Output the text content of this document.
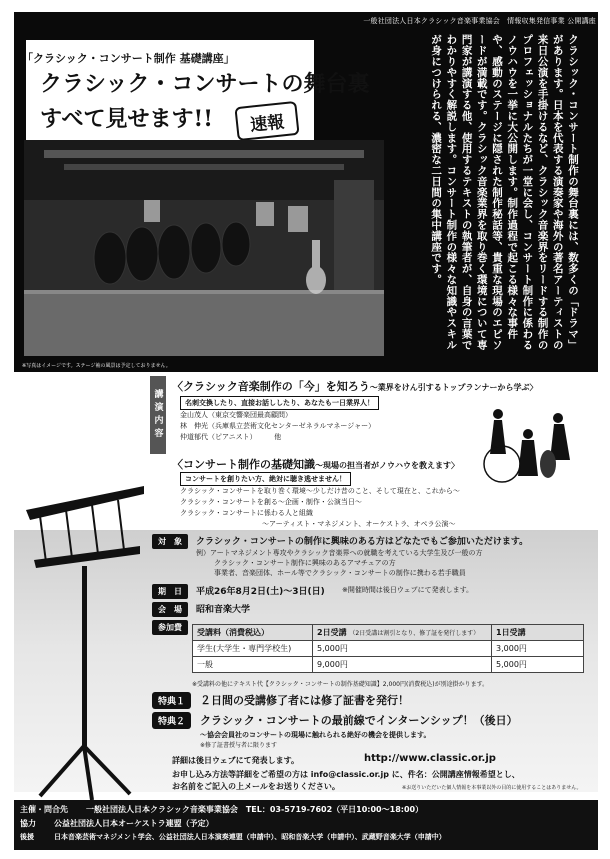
一般社団法人日本クラシック音楽事業協会　情報収集発信事業 公開講座
「クラシック・コンサート制作 基礎講座」
クラシック・コンサートの舞台裏
すべて見せます!!	速報
※写真はイメージです。ステージ袖の風景は予定しておりません。
クラシック・コンサート制作の舞台裏には、数多くの「ドラマ」があります。日本を代表する演奏家や海外の著名アーティストの来日公演を手掛けるなど、クラシック音楽界をリードする制作のプロフェッショナルたちが一堂に会し、コンサート制作に係わるノウハウを一挙に大公開します。制作過程で起こる様々な事件や、感動のステージに隠された制作秘話等、貴重な現場のエピソードが満載です。クラシック音楽業界を取り巻く環境について専門家が講演する他、使用するテキストの執筆者が、自身の言葉でわかりやすく解説します。コンサート制作の様々な知識やスキルが身につけられる、濃密な二日間の集中講座です。
講演内容
〈クラシック音楽制作の「今」を知ろう〜業界をけん引するトップランナーから学ぶ〉
名刺交換したり、直接お話ししたり、あなたも一日業界人！
金山茂人（東京交響楽団最高顧問）
林　伸光（兵庫県立芸術文化センターゼネラルマネージャー）
仲道郁代（ピアニスト）　　　他
〈コンサート制作の基礎知識〜現場の担当者がノウハウを教えます〉
コンサートを創りたい方、絶対に聴き逃せません！
クラシック・コンサートを取り巻く環境〜少しだけ昔のこと、そして現在と、これから〜
クラシック・コンサートを創る〜企画・制作・公演当日〜
クラシック・コンサートに係わる人と組織
〜アーティスト・マネジメント、オーケストラ、オペラ公演〜
対　象	クラシック・コンサートの制作に興味のある方はどなたでもご参加いただけます。
例）アートマネジメント専攻やクラシック音楽界への就職を考えている大学生及び一般の方
クラシック・コンサート制作に興味のあるアマチュアの方
事業者、音楽団体、ホール等でクラシック・コンサートの制作に携わる若手職員
期　日	平成26年8月2日(土)〜3日(日) ※開催時間は後日ウェブにて発表します。
会　場	昭和音楽大学
参加費
受講料（消費税込）	2日受講 （2日受講は割引となり、修了証を発行します）	1日受講
学生(大学生・専門学校生)	5,000円	3,000円
一般	9,000円	5,000円
※受講料の他にテキスト代【クラシック・コンサートの制作基礎知識】2,000円(消費税込)が別途掛かります。
特典１	２日間の受講修了者には修了証書を発行！
特典２	クラシック・コンサートの最前線でインターンシップ！（後日）
〜協会会員社のコンサートの現場に触れられる絶好の機会を提供します。
※修了証書授与者に限ります
詳細は後日ウェブにて発表します。	http://www.classic.or.jp
お申し込み方法等詳細をご希望の方は info@classic.or.jp に、件名：公開講座情報希望とし、
お名前をご記入の上メールをお送りください。	※お送りいただいた個人情報を本事業以外の目的に使用することはありません。
主催・問合先 一般社団法人日本クラシック音楽事業協会　TEL：03-5719-7602（平日10:00〜18:00）
協力 公益社団法人日本オーケストラ連盟（予定）
後援	日本音楽芸術マネジメント学会、公益社団法人日本演奏連盟（申請中）、昭和音楽大学（申請中）、武蔵野音楽大学（申請中）
